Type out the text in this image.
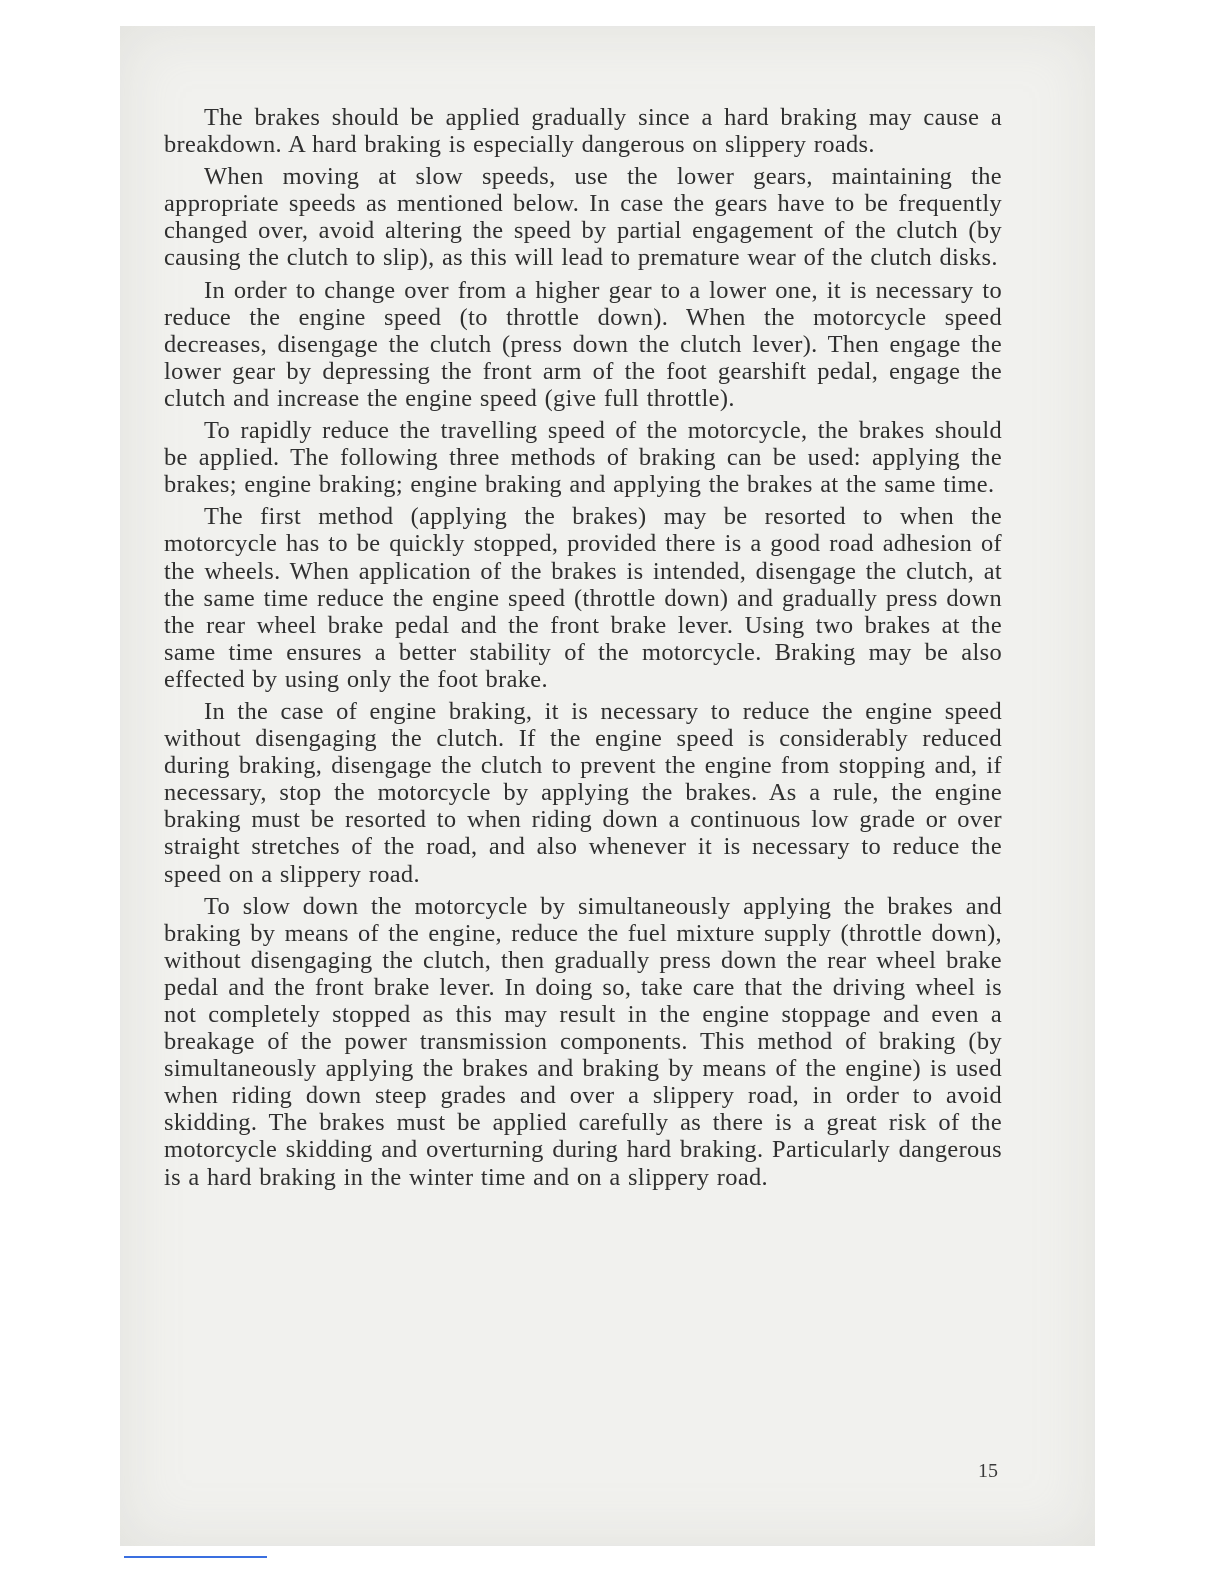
The brakes should be applied gradually since a hard braking may cause a breakdown. A hard braking is especially dangerous on slippery roads.

When moving at slow speeds, use the lower gears, maintaining the appropriate speeds as mentioned below. In case the gears have to be frequently changed over, avoid altering the speed by partial engagement of the clutch (by causing the clutch to slip), as this will lead to premature wear of the clutch disks.

In order to change over from a higher gear to a lower one, it is necessary to reduce the engine speed (to throttle down). When the motorcycle speed decreases, disengage the clutch (press down the clutch lever). Then engage the lower gear by depressing the front arm of the foot gearshift pedal, engage the clutch and increase the engine speed (give full throttle).

To rapidly reduce the travelling speed of the motorcycle, the brakes should be applied. The following three methods of braking can be used: applying the brakes; engine braking; engine braking and applying the brakes at the same time.

The first method (applying the brakes) may be resorted to when the motorcycle has to be quickly stopped, provided there is a good road adhesion of the wheels. When application of the brakes is intended, disengage the clutch, at the same time reduce the engine speed (throttle down) and gradually press down the rear wheel brake pedal and the front brake lever. Using two brakes at the same time ensures a better stability of the motorcycle. Braking may be also effected by using only the foot brake.

In the case of engine braking, it is necessary to reduce the engine speed without disengaging the clutch. If the engine speed is considerably reduced during braking, disengage the clutch to prevent the engine from stopping and, if necessary, stop the motorcycle by applying the brakes. As a rule, the engine braking must be resorted to when riding down a continuous low grade or over straight stretches of the road, and also whenever it is necessary to reduce the speed on a slippery road.

To slow down the motorcycle by simultaneously applying the brakes and braking by means of the engine, reduce the fuel mixture supply (throttle down), without disengaging the clutch, then gradually press down the rear wheel brake pedal and the front brake lever. In doing so, take care that the driving wheel is not completely stopped as this may result in the engine stoppage and even a breakage of the power transmission components. This method of braking (by simultaneously applying the brakes and braking by means of the engine) is used when riding down steep grades and over a slippery road, in order to avoid skidding. The brakes must be applied carefully as there is a great risk of the motorcycle skidding and overturning during hard braking. Particularly dangerous is a hard braking in the winter time and on a slippery road.

15
